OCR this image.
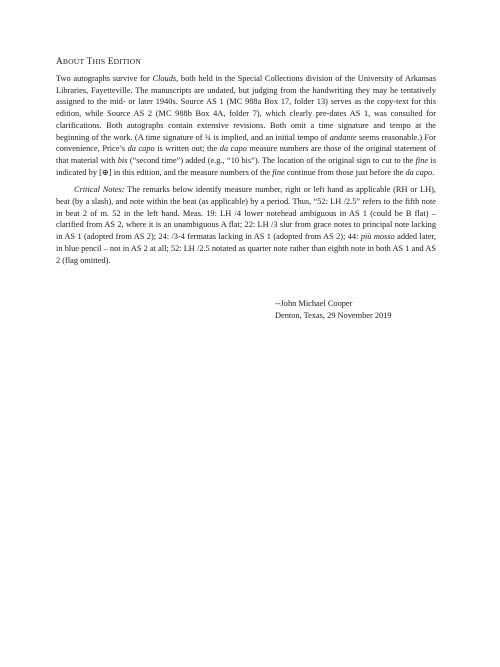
ABOUT THIS EDITION

Two autographs survive for Clouds, both held in the Special Collections division of the University of Arkansas Libraries, Fayetteville. The manuscripts are undated, but judging from the handwriting they may be tentatively assigned to the mid- or later 1940s. Source AS 1 (MC 988a Box 17, folder 13) serves as the copy-text for this edition, while Source AS 2 (MC 988b Box 4A, folder 7), which clearly pre-dates AS 1, was consulted for clarifications. Both autographs contain extensive revisions. Both omit a time signature and tempo at the beginning of the work. (A time signature of ¾ is implied, and an initial tempo of andante seems reasonable.) For convenience, Price’s da capo is written out; the da capo measure numbers are those of the original statement of that material with bis (“second time”) added (e.g., “10 bis”). The location of the original sign to cut to the fine is indicated by [⊕] in this edition, and the measure numbers of the fine continue from those just before the da capo.

Critical Notes: The remarks below identify measure number, right or left hand as applicable (RH or LH), beat (by a slash), and note within the beat (as applicable) by a period. Thus, “52: LH /2.5” refers to the fifth note in beat 2 of m. 52 in the left hand. Meas. 19: LH /4 lower notehead ambiguous in AS 1 (could be B flat) – clarified from AS 2, where it is an unambiguous A flat; 22: LH /3 slur from grace notes to principal note lacking in AS 1 (adopted from AS 2); 24: /3-4 fermatas lacking in AS 1 (adopted from AS 2); 44: più mosso added later, in blue pencil – not in AS 2 at all; 52: LH /2.5 notated as quarter note rather than eighth note in both AS 1 and AS 2 (flag omitted).

--John Michael Cooper
Denton, Texas, 29 November 2019
